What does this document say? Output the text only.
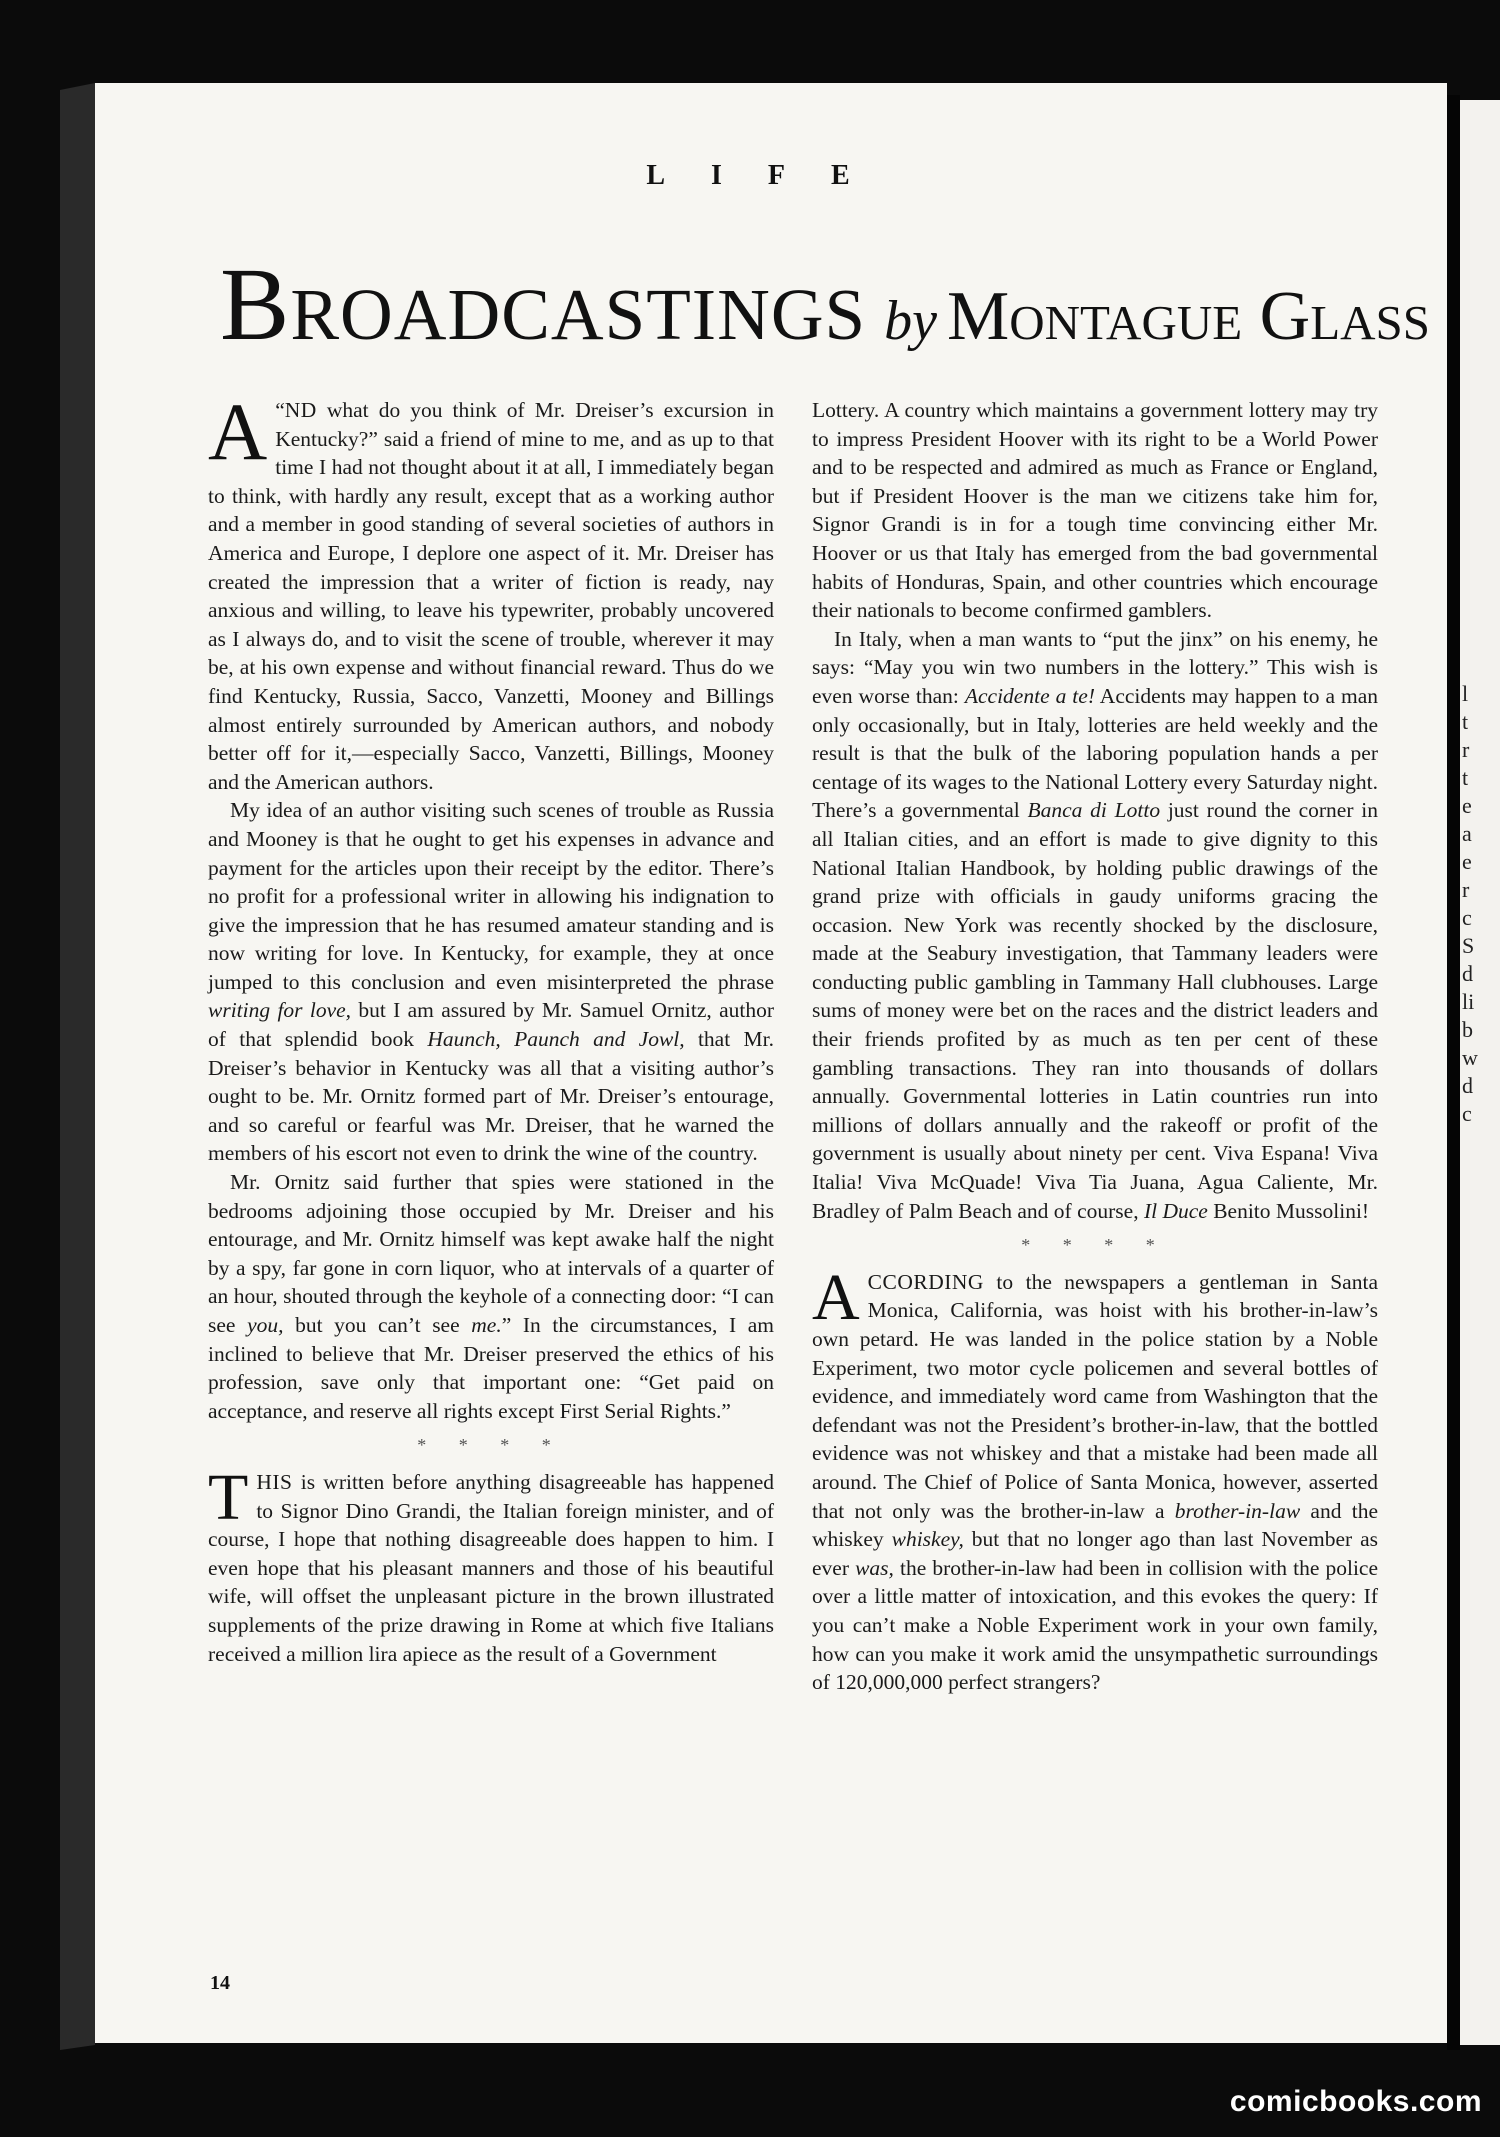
l
t
r
t
e
a
e
r
c
S
d
li
b
w
d
c
LIFE
Broadcastings by Montague Glass

“
A ND what do you think of Mr. Dreiser’s excursion in Kentucky?” said a friend of mine to me, and as up to that time I had not thought about it at all, I immediately began to think, with hardly any result, except that as a working author and a member in good standing of several societies of authors in America and Europe, I deplore one aspect of it. Mr. Dreiser has created the impression that a writer of fiction is ready, nay anxious and willing, to leave his typewriter, probably uncovered as I always do, and to visit the scene of trouble, wherever it may be, at his own expense and without financial reward. Thus do we find Kentucky, Russia, Sacco, Vanzetti, Mooney and Billings almost entirely surrounded by American authors, and nobody better off for it,—especially Sacco, Vanzetti, Billings, Mooney and the American authors.

My idea of an author visiting such scenes of trouble as Russia and Mooney is that he ought to get his expenses in advance and payment for the articles upon their receipt by the editor. There’s no profit for a professional writer in allowing his indignation to give the impression that he has resumed amateur standing and is now writing for love. In Kentucky, for example, they at once jumped to this conclusion and even misinterpreted the phrase writing for love, but I am assured by Mr. Samuel Ornitz, author of that splendid book Haunch, Paunch and Jowl, that Mr. Dreiser’s behavior in Kentucky was all that a visiting author’s ought to be. Mr. Ornitz formed part of Mr. Dreiser’s entourage, and so careful or fearful was Mr. Dreiser, that he warned the members of his escort not even to drink the wine of the country.

Mr. Ornitz said further that spies were stationed in the bedrooms adjoining those occupied by Mr. Dreiser and his entourage, and Mr. Ornitz himself was kept awake half the night by a spy, far gone in corn liquor, who at intervals of a quarter of an hour, shouted through the keyhole of a connecting door: “I can see you, but you can’t see me.” In the circumstances, I am inclined to believe that Mr. Dreiser preserved the ethics of his profession, save only that important one: “Get paid on acceptance, and reserve all rights except First Serial Rights.”

* * * *

THIS is written before anything disagreeable has happened to Signor Dino Grandi, the Italian foreign minister, and of course, I hope that nothing disagreeable does happen to him. I even hope that his pleasant manners and those of his beautiful wife, will offset the unpleasant picture in the brown illustrated supplements of the prize drawing in Rome at which five Italians received a million lira apiece as the result of a Government

Lottery. A country which maintains a government lottery may try to impress President Hoover with its right to be a World Power and to be respected and admired as much as France or England, but if President Hoover is the man we citizens take him for, Signor Grandi is in for a tough time convincing either Mr. Hoover or us that Italy has emerged from the bad governmental habits of Honduras, Spain, and other countries which encourage their nationals to become confirmed gamblers.

In Italy, when a man wants to “put the jinx” on his enemy, he says: “May you win two numbers in the lottery.” This wish is even worse than: Accidente a te! Accidents may happen to a man only occasionally, but in Italy, lotteries are held weekly and the result is that the bulk of the laboring population hands a per centage of its wages to the National Lottery every Saturday night. There’s a governmental Banca di Lotto just round the corner in all Italian cities, and an effort is made to give dignity to this National Italian Handbook, by holding public drawings of the grand prize with officials in gaudy uniforms gracing the occasion. New York was recently shocked by the disclosure, made at the Seabury investigation, that Tammany leaders were conducting public gambling in Tammany Hall clubhouses. Large sums of money were bet on the races and the district leaders and their friends profited by as much as ten per cent of these gambling transactions. They ran into thousands of dollars annually. Governmental lotteries in Latin countries run into millions of dollars annually and the rakeoff or profit of the government is usually about ninety per cent. Viva Espana! Viva Italia! Viva McQuade! Viva Tia Juana, Agua Caliente, Mr. Bradley of Palm Beach and of course, Il Duce Benito Mussolini!

* * * *

ACCORDING to the newspapers a gentleman in Santa Monica, California, was hoist with his brother-in-law’s own petard. He was landed in the police station by a Noble Experiment, two motor cycle policemen and several bottles of evidence, and immediately word came from Washington that the defendant was not the President’s brother-in-law, that the bottled evidence was not whiskey and that a mistake had been made all around. The Chief of Police of Santa Monica, however, asserted that not only was the brother-in-law a brother-in-law and the whiskey whiskey, but that no longer ago than last November as ever was, the brother-in-law had been in collision with the police over a little matter of intoxication, and this evokes the query: If you can’t make a Noble Experiment work in your own family, how can you make it work amid the unsympathetic surroundings of 120,000,000 perfect strangers?

14
comicbooks.com
